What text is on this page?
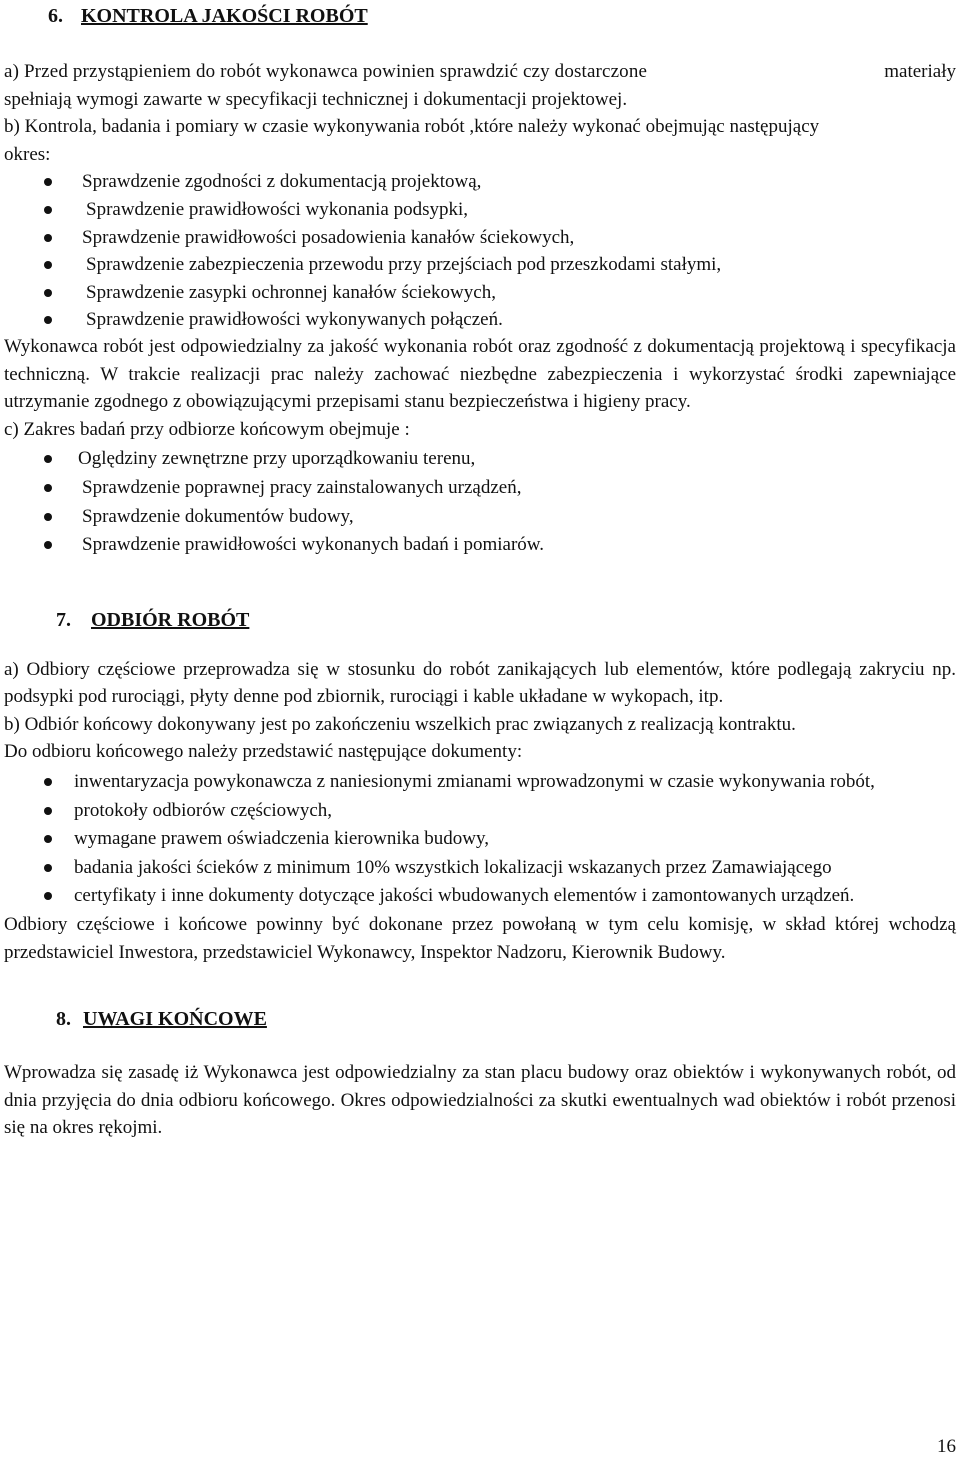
6. KONTROLA JAKOŚCI ROBÓT
a) Przed przystąpieniem do robót wykonawca powinien sprawdzić czy dostarczone	materiały

spełniają wymogi zawarte w specyfikacji technicznej i dokumentacji projektowej.

b) Kontrola, badania i pomiary w czasie wykonywania robót ,które należy wykonać obejmując następujący okres:

Sprawdzenie zgodności z dokumentacją projektową,
Sprawdzenie prawidłowości wykonania podsypki,
Sprawdzenie prawidłowości posadowienia kanałów ściekowych,
Sprawdzenie zabezpieczenia przewodu przy przejściach pod przeszkodami stałymi,
Sprawdzenie zasypki ochronnej kanałów ściekowych,
Sprawdzenie prawidłowości wykonywanych połączeń.

Wykonawca robót jest odpowiedzialny za jakość wykonania robót oraz zgodność z dokumentacją projektową i specyfikacja techniczną. W trakcie realizacji prac należy zachować niezbędne zabezpieczenia i wykorzystać środki zapewniające utrzymanie zgodnego z obowiązującymi przepisami stanu bezpieczeństwa i higieny pracy.

c) Zakres badań przy odbiorze końcowym obejmuje :

Oględziny zewnętrzne przy uporządkowaniu terenu,
Sprawdzenie poprawnej pracy zainstalowanych urządzeń,
Sprawdzenie dokumentów budowy,
Sprawdzenie prawidłowości wykonanych badań i pomiarów.
7. ODBIÓR ROBÓT

a) Odbiory częściowe przeprowadza się w stosunku do robót zanikających lub elementów, które podlegają zakryciu np. podsypki pod rurociągi, płyty denne pod zbiornik, rurociągi i kable układane w wykopach, itp.

b) Odbiór końcowy dokonywany jest po zakończeniu wszelkich prac związanych z realizacją kontraktu.

Do odbioru końcowego należy przedstawić następujące dokumenty:

inwentaryzacja powykonawcza z naniesionymi zmianami wprowadzonymi w czasie wykonywania robót,
protokoły odbiorów częściowych,
wymagane prawem oświadczenia kierownika budowy,
badania jakości ścieków z minimum 10% wszystkich lokalizacji wskazanych przez Zamawiającego
certyfikaty i inne dokumenty dotyczące jakości wbudowanych elementów i zamontowanych urządzeń.

Odbiory częściowe i końcowe powinny być dokonane przez powołaną w tym celu komisję, w skład której wchodzą przedstawiciel Inwestora, przedstawiciel Wykonawcy, Inspektor Nadzoru, Kierownik Budowy.

8. UWAGI KOŃCOWE

Wprowadza się zasadę iż Wykonawca jest odpowiedzialny za stan placu budowy oraz obiektów i wykonywanych robót, od dnia przyjęcia do dnia odbioru końcowego. Okres odpowiedzialności za skutki ewentualnych wad obiektów i robót przenosi się na okres rękojmi.

16
